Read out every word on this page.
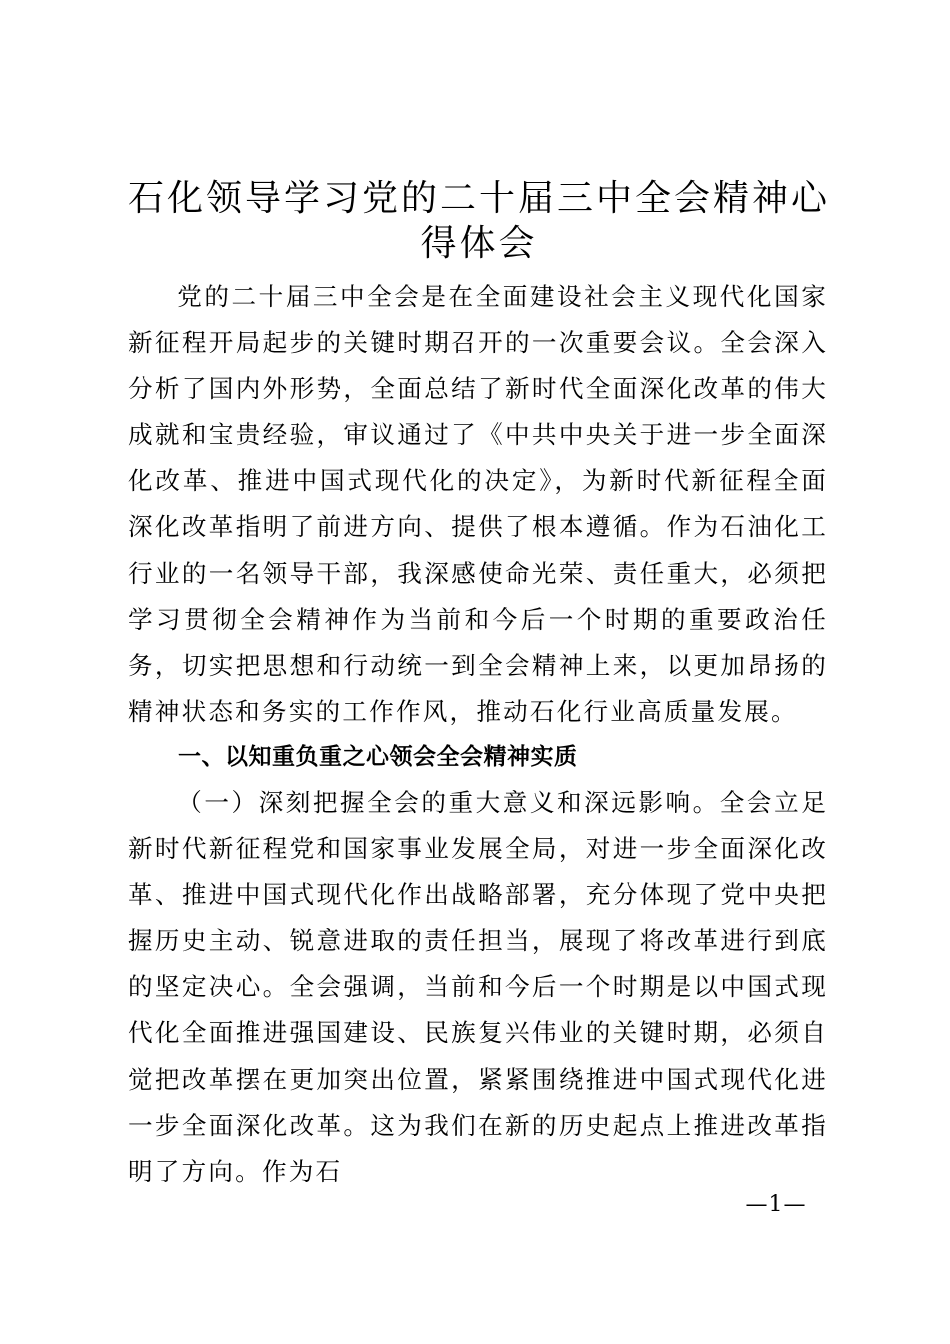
石化领导学习党的二十届三中全会精神心得体会

党的二十届三中全会是在全面建设社会主义现代化国家新征程开局起步的关键时期召开的一次重要会议。全会深入分析了国内外形势，全面总结了新时代全面深化改革的伟大成就和宝贵经验，审议通过了《中共中央关于进一步全面深化改革、推进中国式现代化的决定》，为新时代新征程全面深化改革指明了前进方向、提供了根本遵循。作为石油化工行业的一名领导干部，我深感使命光荣、责任重大，必须把学习贯彻全会精神作为当前和今后一个时期的重要政治任务，切实把思想和行动统一到全会精神上来，以更加昂扬的精神状态和务实的工作作风，推动石化行业高质量发展。

一、以知重负重之心领会全会精神实质

（一）深刻把握全会的重大意义和深远影响。全会立足新时代新征程党和国家事业发展全局，对进一步全面深化改革、推进中国式现代化作出战略部署，充分体现了党中央把握历史主动、锐意进取的责任担当，展现了将改革进行到底的坚定决心。全会强调，当前和今后一个时期是以中国式现代化全面推进强国建设、民族复兴伟业的关键时期，必须自觉把改革摆在更加突出位置，紧紧围绕推进中国式现代化进一步全面深化改革。这为我们在新的历史起点上推进改革指明了方向。作为石

—1—
